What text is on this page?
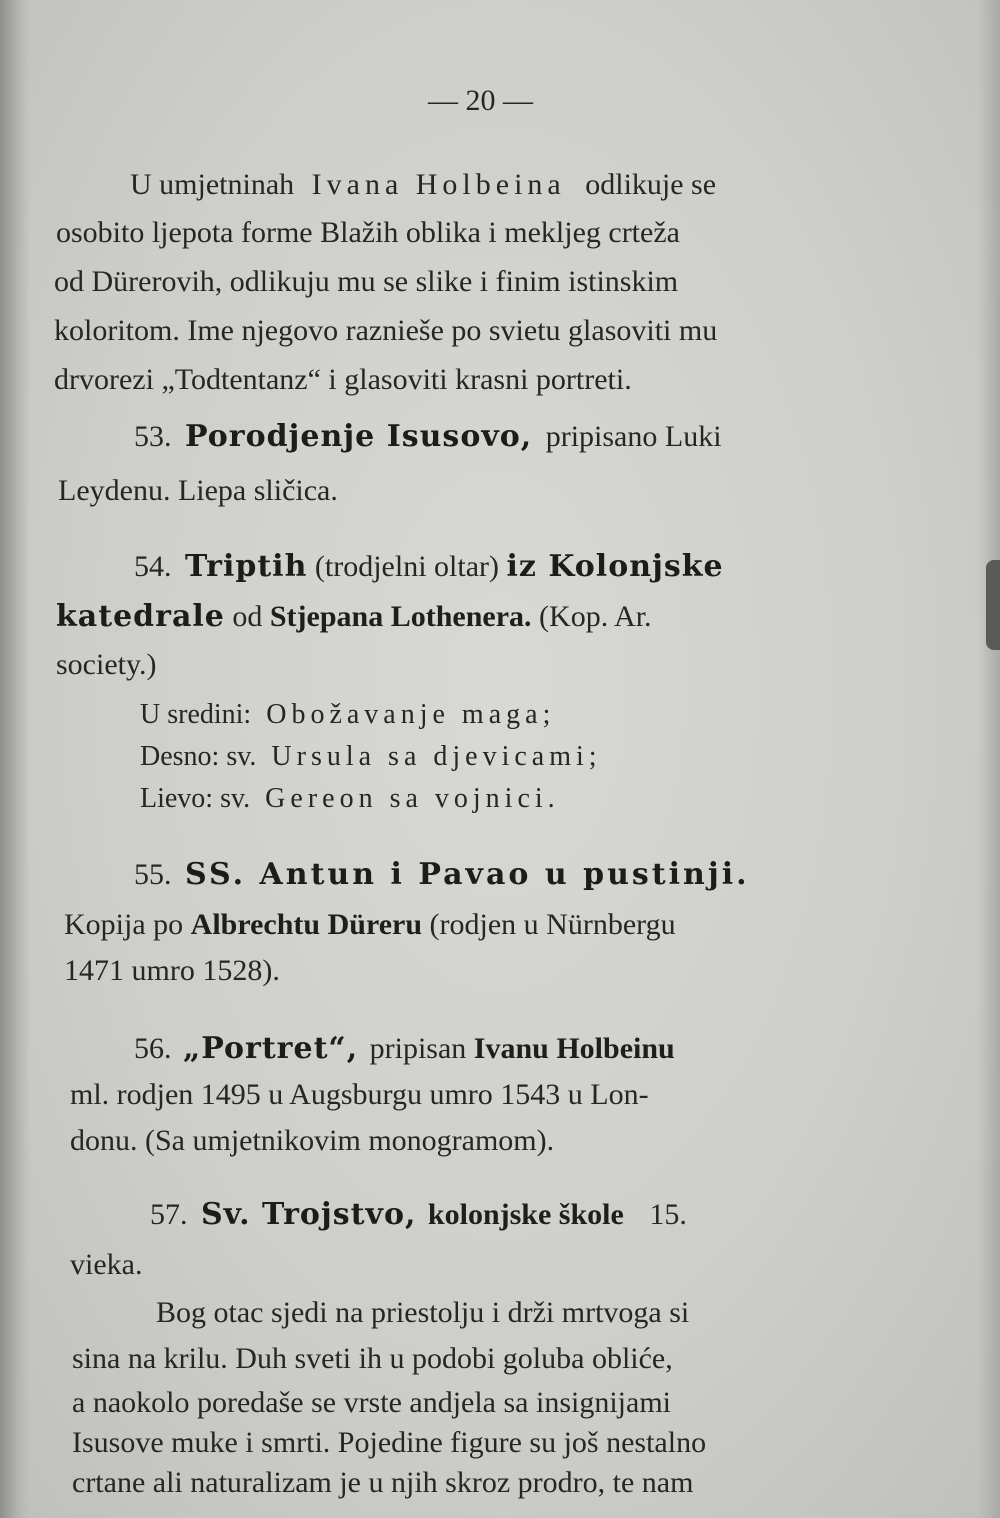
— 20 —
U umjetninah Ivana Holbeina odlikuje se
osobito ljepota forme Blažih oblika i mekljeg crteža
od Dürerovih, odlikuju mu se slike i finim istinskim
koloritom. Ime njegovo raznieše po svietu glasoviti mu
drvorezi „Todtentanz“ i glasoviti krasni portreti.
53. Porodjenje Isusovo, pripisano Luki
Leydenu. Liepa sličica.
54. Triptih (trodjelni oltar) iz Kolonjske
katedrale od Stjepana Lothenera. (Kop. Ar.
society.)
U sredini: Obožavanje maga;
Desno: sv. Ursula sa djevicami;
Lievo: sv. Gereon sa vojnici.
55. SS. Antun i Pavao u pustinji.
Kopija po Albrechtu Düreru (rodjen u Nürnbergu
1471 umro 1528).
56. „Portret“, pripisan Ivanu Holbeinu
ml. rodjen 1495 u Augsburgu umro 1543 u Lon-
donu. (Sa umjetnikovim monogramom).
57. Sv. Trojstvo, kolonjske škole 15.
vieka.
Bog otac sjedi na priestolju i drži mrtvoga si
sina na krilu. Duh sveti ih u podobi goluba obliće,
a naokolo poredaše se vrste andjela sa insignijami
Isusove muke i smrti. Pojedine figure su još nestalno
crtane ali naturalizam je u njih skroz prodro, te nam
